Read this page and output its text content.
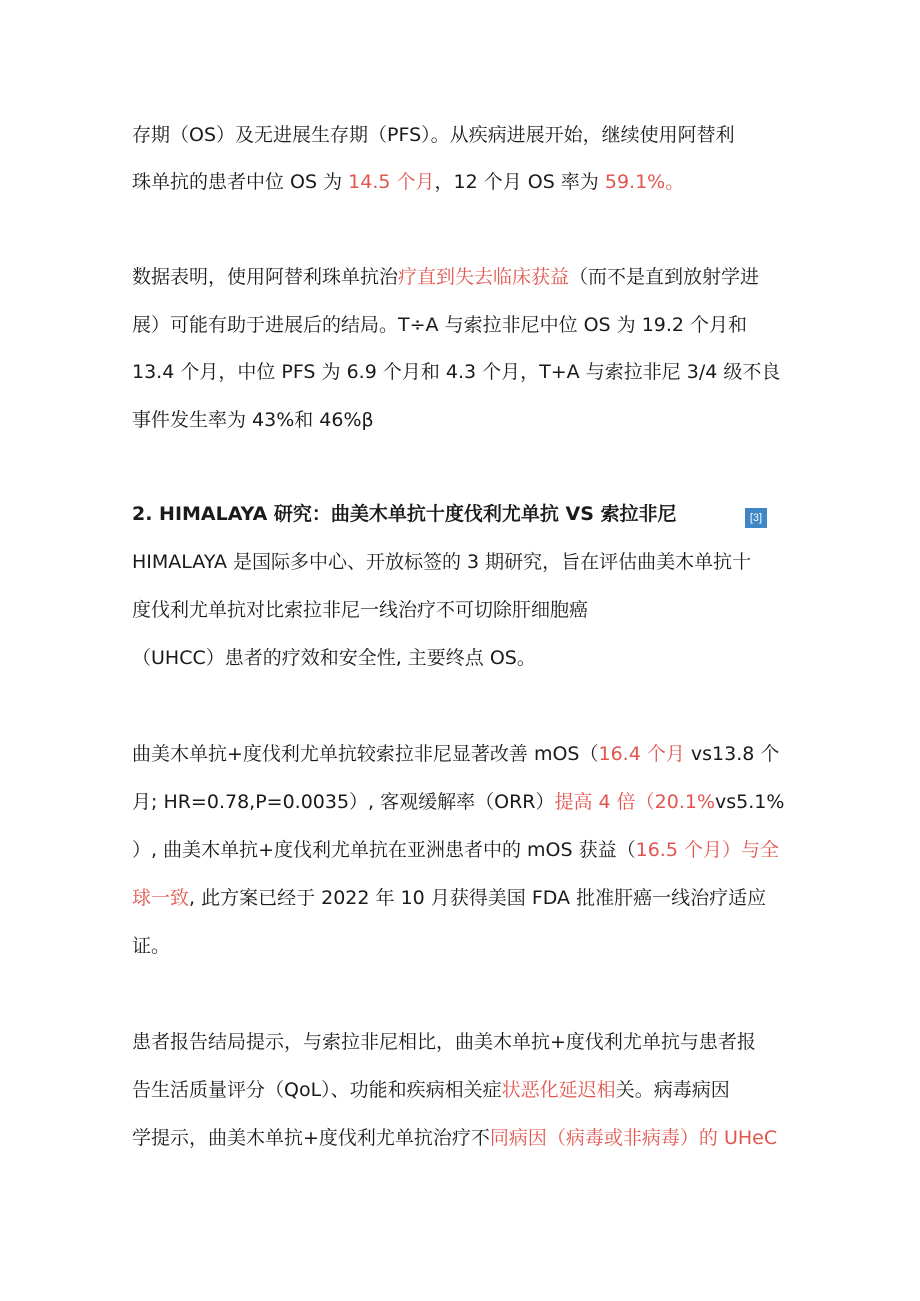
存期（OS）及无进展生存期（PFS）。从疾病进展开始，继续使用阿替利

珠单抗的患者中位 OS 为 14.5 个月，12 个月 OS 率为 59.1%。

数据表明，使用阿替利珠单抗治疗直到失去临床获益（而不是直到放射学进

展）可能有助于进展后的结局。T÷A 与索拉非尼中位 OS 为 19.2 个月和

13.4 个月，中位 PFS 为 6.9 个月和 4.3 个月，T+A 与索拉非尼 3/4 级不良

事件发生率为 43%和 46%β

2. HIMALAYA 研究：曲美木单抗十度伐利尤单抗 VS 索拉非尼	[3]

HIMALAYA 是国际多中心、开放标签的 3 期研究，旨在评估曲美木单抗十

度伐利尤单抗对比索拉非尼一线治疗不可切除肝细胞癌

（UHCC）患者的疗效和安全性, 主要终点 OS。

曲美木单抗+度伐利尤单抗较索拉非尼显著改善 mOS（16.4 个月 vs13.8 个

月; HR=0.78,P=0.0035）, 客观缓解率（ORR）提高 4 倍（20.1%vs5.1%

）, 曲美木单抗+度伐利尤单抗在亚洲患者中的 mOS 获益（16.5 个月）与全

球一致, 此方案已经于 2022 年 10 月获得美国 FDA 批准肝癌一线治疗适应

证。

患者报告结局提示，与索拉非尼相比，曲美木单抗+度伐利尤单抗与患者报

告生活质量评分（QoL）、功能和疾病相关症状恶化延迟相关。病毒病因

学提示，曲美木单抗+度伐利尤单抗治疗不同病因（病毒或非病毒）的 UHeC
